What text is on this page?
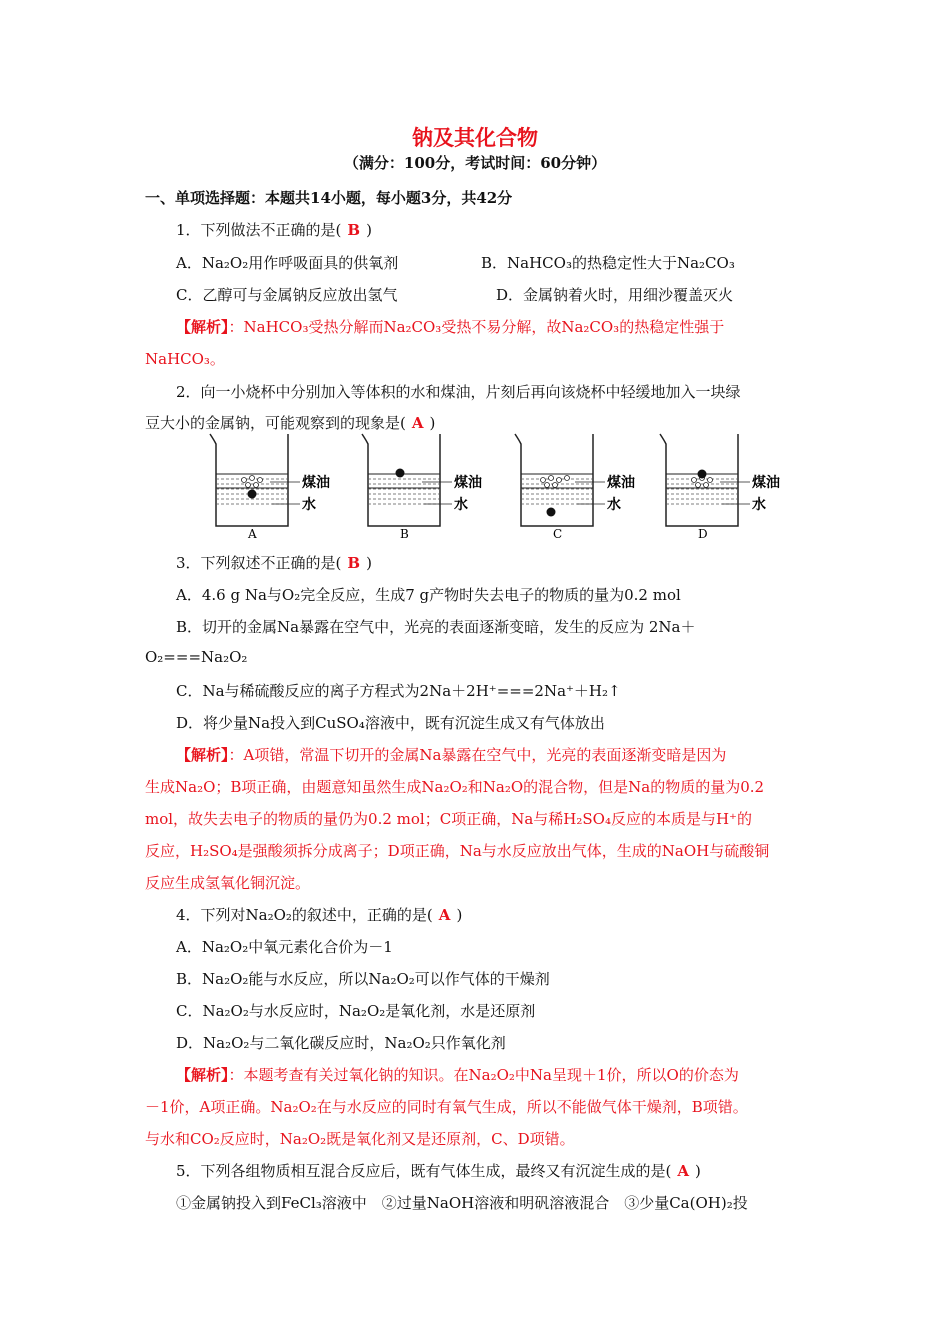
钠及其化合物
（满分：100分，考试时间：60分钟）
一、单项选择题：本题共14小题，每小题3分，共42分
1．下列做法不正确的是( B )
A．Na₂O₂用作呼吸面具的供氧剂	B．NaHCO₃的热稳定性大于Na₂CO₃
C．乙醇可与金属钠反应放出氢气	D．金属钠着火时，用细沙覆盖灭火
【解析】：NaHCO₃受热分解而Na₂CO₃受热不易分解，故Na₂CO₃的热稳定性强于
NaHCO₃。
2．向一小烧杯中分别加入等体积的水和煤油，片刻后再向该烧杯中轻缓地加入一块绿
豆大小的金属钠，可能观察到的现象是( A )
煤油
水
A
煤油
水
B
煤油
水
C
煤油
水
D
3．下列叙述不正确的是( B )
A．4.6 g Na与O₂完全反应，生成7 g产物时失去电子的物质的量为0.2 mol
B．切开的金属Na暴露在空气中，光亮的表面逐渐变暗，发生的反应为 2Na＋
O₂===Na₂O₂
C．Na与稀硫酸反应的离子方程式为2Na＋2H⁺===2Na⁺＋H₂↑
D．将少量Na投入到CuSO₄溶液中，既有沉淀生成又有气体放出
【解析】：A项错，常温下切开的金属Na暴露在空气中，光亮的表面逐渐变暗是因为
生成Na₂O；B项正确，由题意知虽然生成Na₂O₂和Na₂O的混合物，但是Na的物质的量为0.2
mol，故失去电子的物质的量仍为0.2 mol；C项正确，Na与稀H₂SO₄反应的本质是与H⁺的
反应，H₂SO₄是强酸须拆分成离子；D项正确，Na与水反应放出气体，生成的NaOH与硫酸铜
反应生成氢氧化铜沉淀。
4．下列对Na₂O₂的叙述中，正确的是( A )
A．Na₂O₂中氧元素化合价为－1
B．Na₂O₂能与水反应，所以Na₂O₂可以作气体的干燥剂
C．Na₂O₂与水反应时，Na₂O₂是氧化剂，水是还原剂
D．Na₂O₂与二氧化碳反应时，Na₂O₂只作氧化剂
【解析】：本题考查有关过氧化钠的知识。在Na₂O₂中Na呈现＋1价，所以O的价态为
－1价，A项正确。Na₂O₂在与水反应的同时有氧气生成，所以不能做气体干燥剂，B项错。
与水和CO₂反应时，Na₂O₂既是氧化剂又是还原剂，C、D项错。
5．下列各组物质相互混合反应后，既有气体生成，最终又有沉淀生成的是( A )
①金属钠投入到FeCl₃溶液中　②过量NaOH溶液和明矾溶液混合　③少量Ca(OH)₂投
